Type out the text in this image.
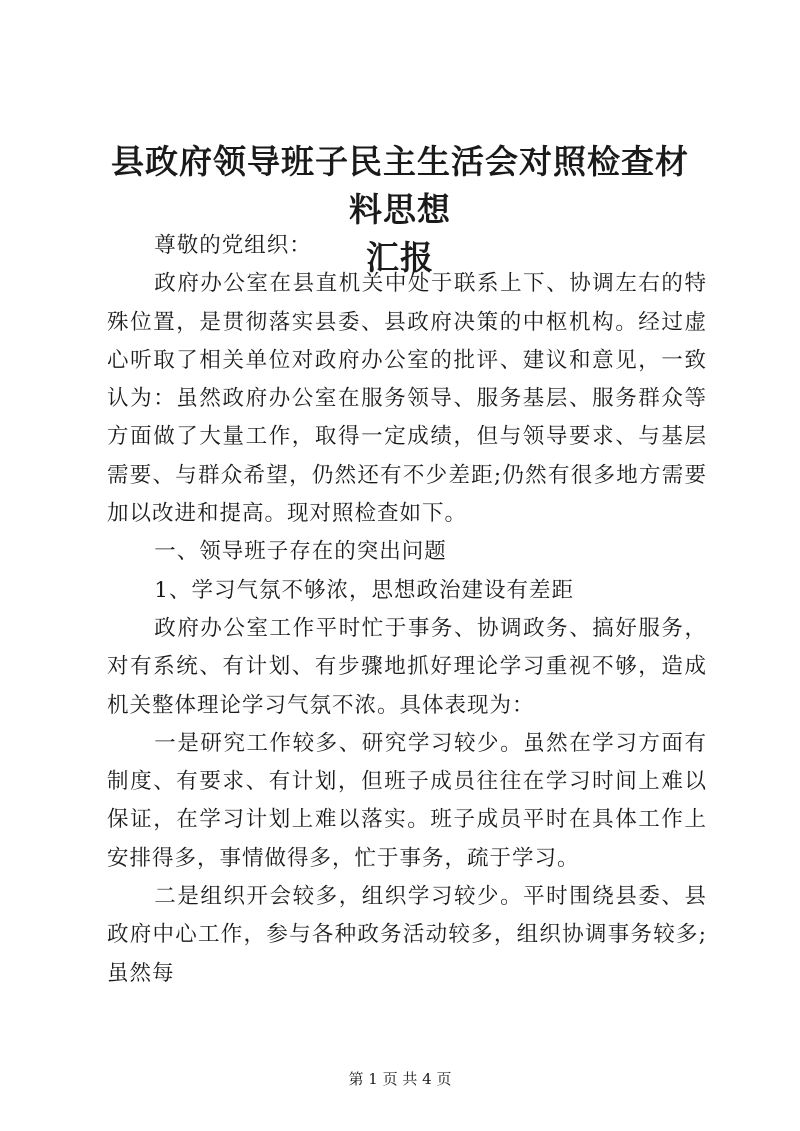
县政府领导班子民主生活会对照检查材料思想
汇报

尊敬的党组织：

政府办公室在县直机关中处于联系上下、协调左右的特殊位置，是贯彻落实县委、县政府决策的中枢机构。经过虚心听取了相关单位对政府办公室的批评、建议和意见，一致认为：虽然政府办公室在服务领导、服务基层、服务群众等方面做了大量工作，取得一定成绩，但与领导要求、与基层需要、与群众希望，仍然还有不少差距;仍然有很多地方需要加以改进和提高。现对照检查如下。

一、领导班子存在的突出问题

1、学习气氛不够浓，思想政治建设有差距

政府办公室工作平时忙于事务、协调政务、搞好服务，对有系统、有计划、有步骤地抓好理论学习重视不够，造成机关整体理论学习气氛不浓。具体表现为：

一是研究工作较多、研究学习较少。虽然在学习方面有制度、有要求、有计划，但班子成员往往在学习时间上难以保证，在学习计划上难以落实。班子成员平时在具体工作上安排得多，事情做得多，忙于事务，疏于学习。

二是组织开会较多，组织学习较少。平时围绕县委、县政府中心工作，参与各种政务活动较多，组织协调事务较多;虽然每

第 1 页 共 4 页
